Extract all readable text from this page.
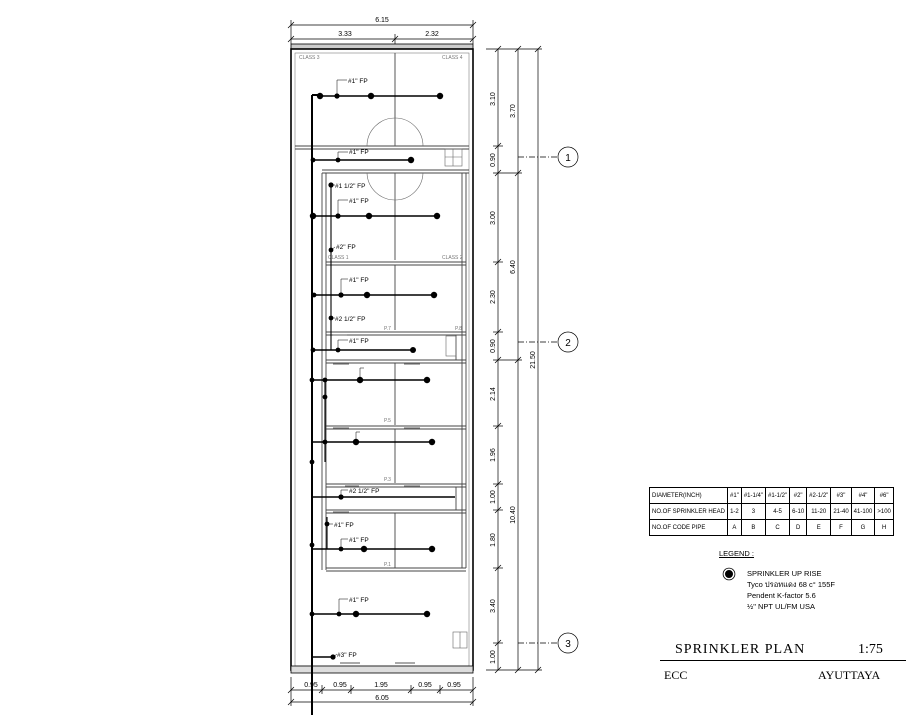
6.15
3.33	2.32
CLASS 3	CLASS 4
CLASS 1	CLASS 2
P.7	P.8
P.5
P.3
P.1
#1" FP
#1" FP
#1 1/2" FP
#1" FP
#2" FP
#1" FP
#2 1/2" FP
#1" FP
#2 1/2" FP
#1" FP
#1" FP
#1" FP
#3" FP
3.10
0.90
3.00
2.30
0.90
2.14
1.96
1.00
1.80
3.40
1.00
3.70
6.40
10.40
21.50
1
2
3
0.95 0.95	1.95	0.95 0.95
6.05
DIAMETER(INCH)	#1"	#1-1/4"	#1-1/2"	#2"	#2-1/2"	#3"	#4"	#6"
NO.OF SPRINKLER HEAD	1-2	3	4-5	6-10	11-20	21-40	41-100	>100
NO.OF CODE PIPE	A	B	C	D	E	F	G	H
LEGEND :
SPRINKLER UP RISE
Tyco ปรอทแดง 68 c° 155F
Pendent K-factor 5.6
½" NPT UL/FM USA
SPRINKLER PLAN	1:75
ECC	AYUTTAYA
